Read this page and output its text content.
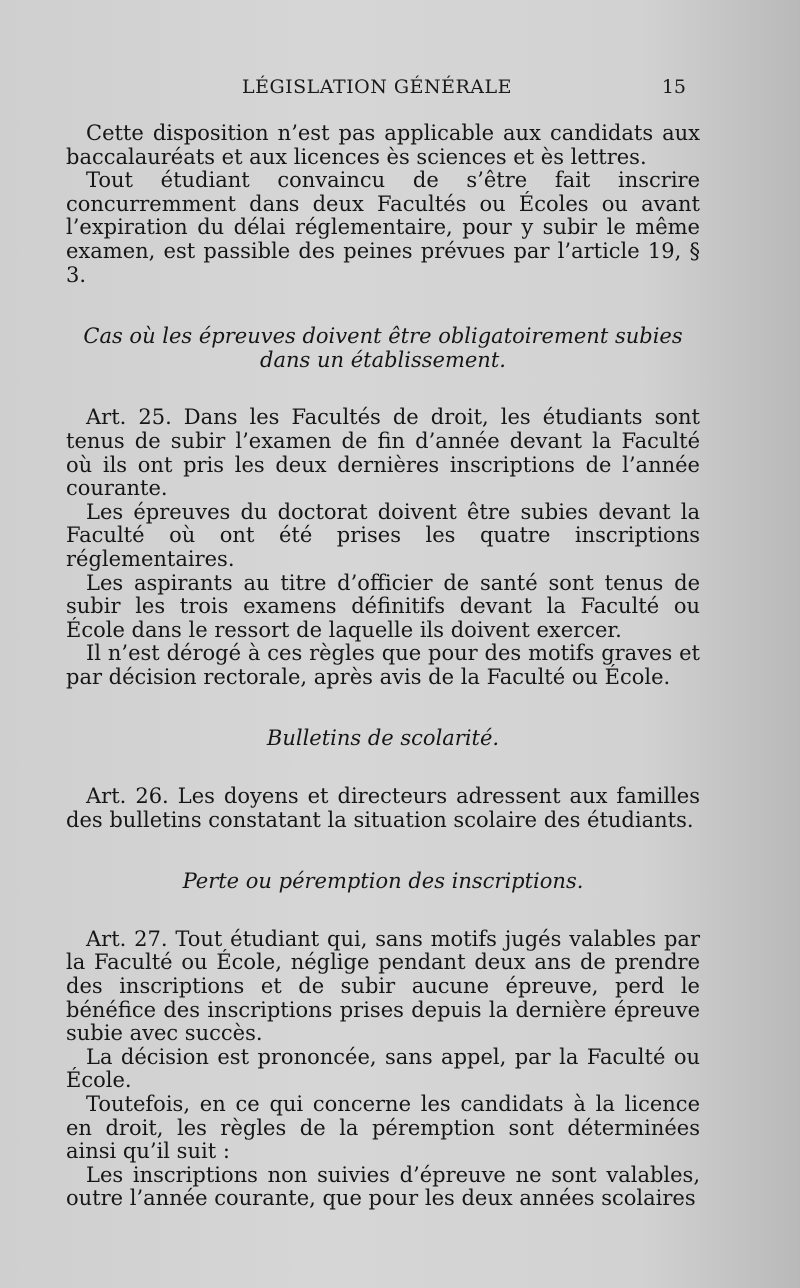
LÉGISLATION GÉNÉRALE	15

Cette disposition n’est pas applicable aux candidats aux baccalauréats et aux licences ès sciences et ès lettres.

Tout étudiant convaincu de s’être fait inscrire concurremment dans deux Facultés ou Écoles ou avant l’expiration du délai réglementaire, pour y subir le même examen, est passible des peines prévues par l’article 19, § 3.

Cas où les épreuves doivent être obligatoirement subies dans un établissement.

Art. 25. Dans les Facultés de droit, les étudiants sont tenus de subir l’examen de fin d’année devant la Faculté où ils ont pris les deux dernières inscriptions de l’année courante.

Les épreuves du doctorat doivent être subies devant la Faculté où ont été prises les quatre inscriptions réglementaires.

Les aspirants au titre d’officier de santé sont tenus de subir les trois examens définitifs devant la Faculté ou École dans le ressort de laquelle ils doivent exercer.

Il n’est dérogé à ces règles que pour des motifs graves et par décision rectorale, après avis de la Faculté ou École.

Bulletins de scolarité.

Art. 26. Les doyens et directeurs adressent aux familles des bulletins constatant la situation scolaire des étudiants.

Perte ou péremption des inscriptions.

Art. 27. Tout étudiant qui, sans motifs jugés valables par la Faculté ou École, néglige pendant deux ans de prendre des inscriptions et de subir aucune épreuve, perd le bénéfice des inscriptions prises depuis la dernière épreuve subie avec succès.

La décision est prononcée, sans appel, par la Faculté ou École.

Toutefois, en ce qui concerne les candidats à la licence en droit, les règles de la péremption sont déterminées ainsi qu’il suit :

Les inscriptions non suivies d’épreuve ne sont valables, outre l’année courante, que pour les deux années scolaires
